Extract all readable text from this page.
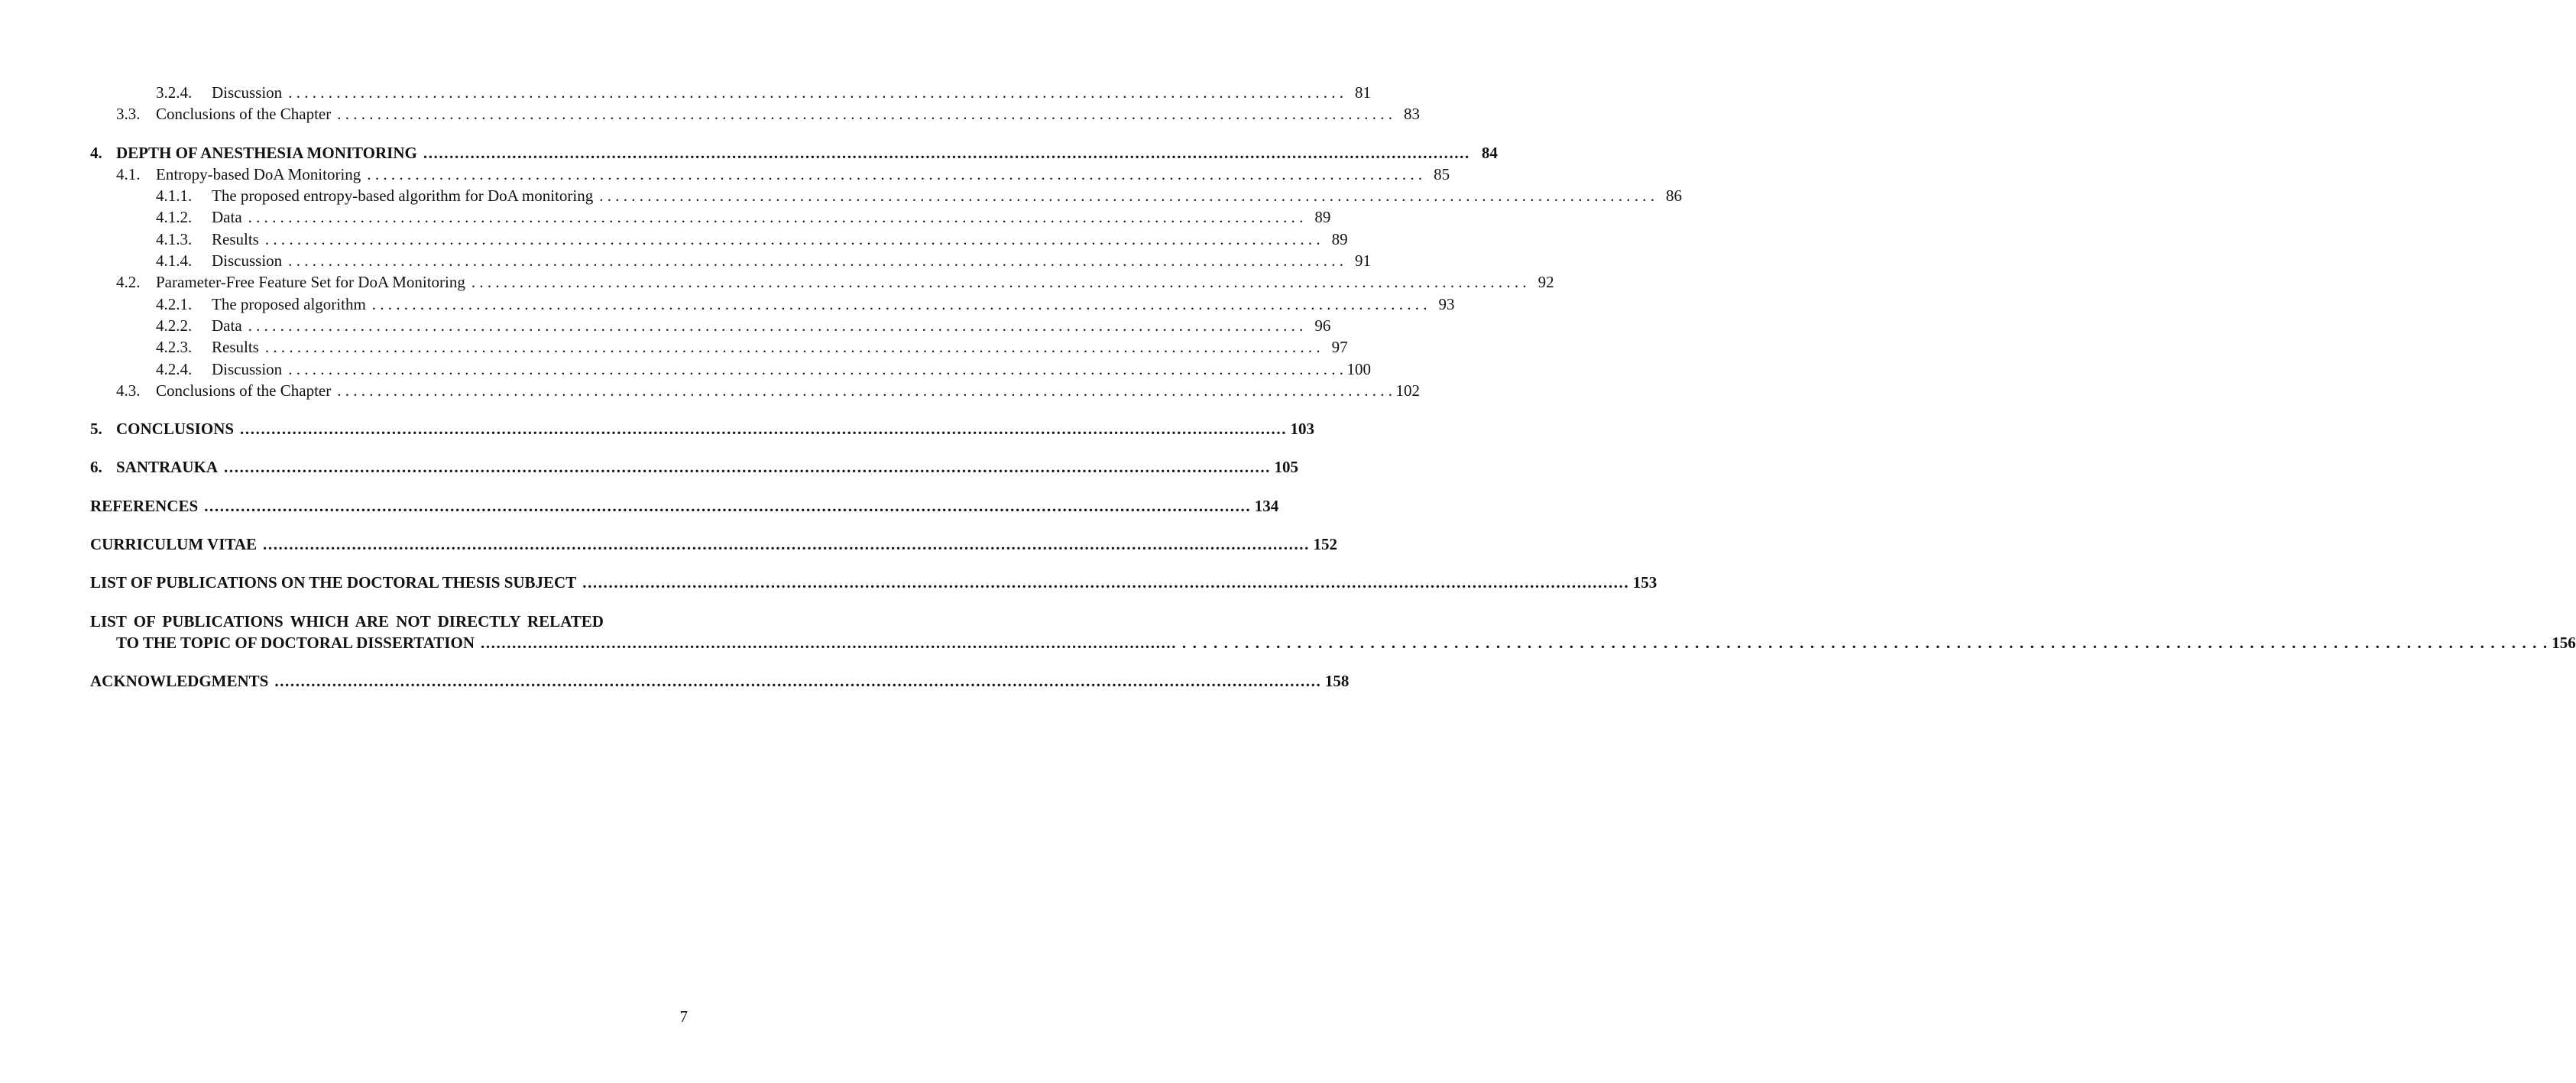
3.2.4.	Discussion . . .	81
3.3. Conclusions of the Chapter . . .	83
4. DEPTH OF ANESTHESIA MONITORING .....	84
4.1. Entropy-based DoA Monitoring . . .	85
4.1.1.	The proposed entropy-based algorithm for DoA monitoring . . .	86
4.1.2.	Data . . .	89
4.1.3.	Results . . .	89
4.1.4.	Discussion . . .	91
4.2. Parameter-Free Feature Set for DoA Monitoring . . .	92
4.2.1.	The proposed algorithm . . .	93
4.2.2.	Data . . .	96
4.2.3.	Results . . .	97
4.2.4.	Discussion . . .	100
4.3. Conclusions of the Chapter . . .	102
5. CONCLUSIONS .....	103
6. SANTRAUKA .....	105
REFERENCES .....	134
CURRICULUM VITAE .....	152
LIST OF PUBLICATIONS ON THE DOCTORAL THESIS SUBJECT .....	153
LIST OF PUBLICATIONS WHICH ARE NOT DIRECTLY RELATED
TO THE TOPIC OF DOCTORAL DISSERTATION .................................................................................................................................... . . .	156
ACKNOWLEDGMENTS .....	158
7
